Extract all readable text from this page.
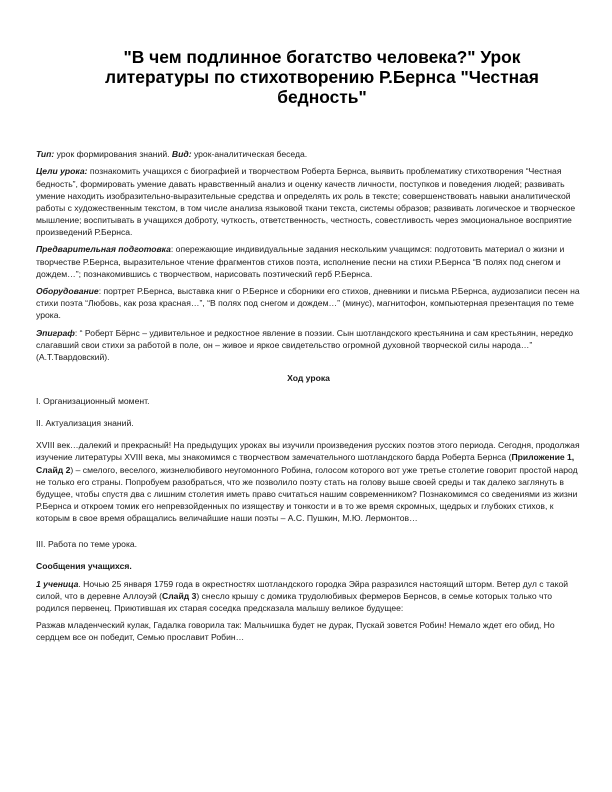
"В чем подлинное богатство человека?" Урок литературы по стихотворению Р.Бернса "Честная бедность"

Тип: урок формирования знаний. Вид: урок-аналитическая беседа.

Цели урока: познакомить учащихся с биографией и творчеством Роберта Бернса, выявить проблематику стихотворения “Честная бедность”, формировать умение давать нравственный анализ и оценку качеств личности, поступков и поведения людей; развивать умение находить изобразительно-выразительные средства и определять их роль в тексте; совершенствовать навыки аналитической работы с художественным текстом, в том числе анализа языковой ткани текста, системы образов; развивать логическое и творческое мышление; воспитывать в учащихся доброту, чуткость, ответственность, честность, совестливость через эмоциональное восприятие произведений Р.Бернса.

Предварительная подготовка: опережающие индивидуальные задания нескольким учащимся: подготовить материал о жизни и творчестве Р.Бернса, выразительное чтение фрагментов стихов поэта, исполнение песни на стихи Р.Бернса “В полях под снегом и дождем…”; познакомившись с творчеством, нарисовать поэтический герб Р.Бернса.

Оборудование: портрет Р.Бернса, выставка книг о Р.Бернсе и сборники его стихов, дневники и письма Р.Бернса, аудиозаписи песен на стихи поэта “Любовь, как роза красная…”, “В полях под снегом и дождем…” (минус), магнитофон, компьютерная презентация по теме урока.

Эпиграф: “ Роберт Бёрнс – удивительное и редкостное явление в поэзии. Сын шотландского крестьянина и сам крестьянин, нередко слагавший свои стихи за работой в поле, он – живое и яркое свидетельство огромной духовной творческой силы народа…” (А.Т.Твардовский).

Ход урока

I. Организационный момент.

II. Актуализация знаний.

XVIII век…далекий и прекрасный! На предыдущих уроках вы изучили произведения русских поэтов этого периода. Сегодня, продолжая изучение литературы XVIII века, мы знакомимся с творчеством замечательного шотландского барда Роберта Бернса (Приложение 1, Слайд 2) – смелого, веселого, жизнелюбивого неугомонного Робина, голосом которого вот уже третье столетие говорит простой народ не только его страны. Попробуем разобраться, что же позволило поэту стать на голову выше своей среды и так далеко заглянуть в будущее, чтобы спустя два с лишним столетия иметь право считаться нашим современником? Познакомимся со сведениями из жизни Р.Бернса и откроем томик его непревзойденных по изяществу и тонкости и в то же время скромных, щедрых и глубоких стихов, к которым в свое время обращались величайшие наши поэты – А.С. Пушкин, М.Ю. Лермонтов…

III. Работа по теме урока.

Сообщения учащихся.

1 ученица. Ночью 25 января 1759 года в окрестностях шотландского городка Эйра разразился настоящий шторм. Ветер дул с такой силой, что в деревне Аллоуэй (Слайд 3) снесло крышу с домика трудолюбивых фермеров Бернсов, в семье которых только что родился первенец. Приютившая их старая соседка предсказала малышу великое будущее:

Разжав младенческий кулак, Гадалка говорила так: Мальчишка будет не дурак, Пускай зовется Робин! Немало ждет его обид, Но сердцем все он победит, Семью прославит Робин…
